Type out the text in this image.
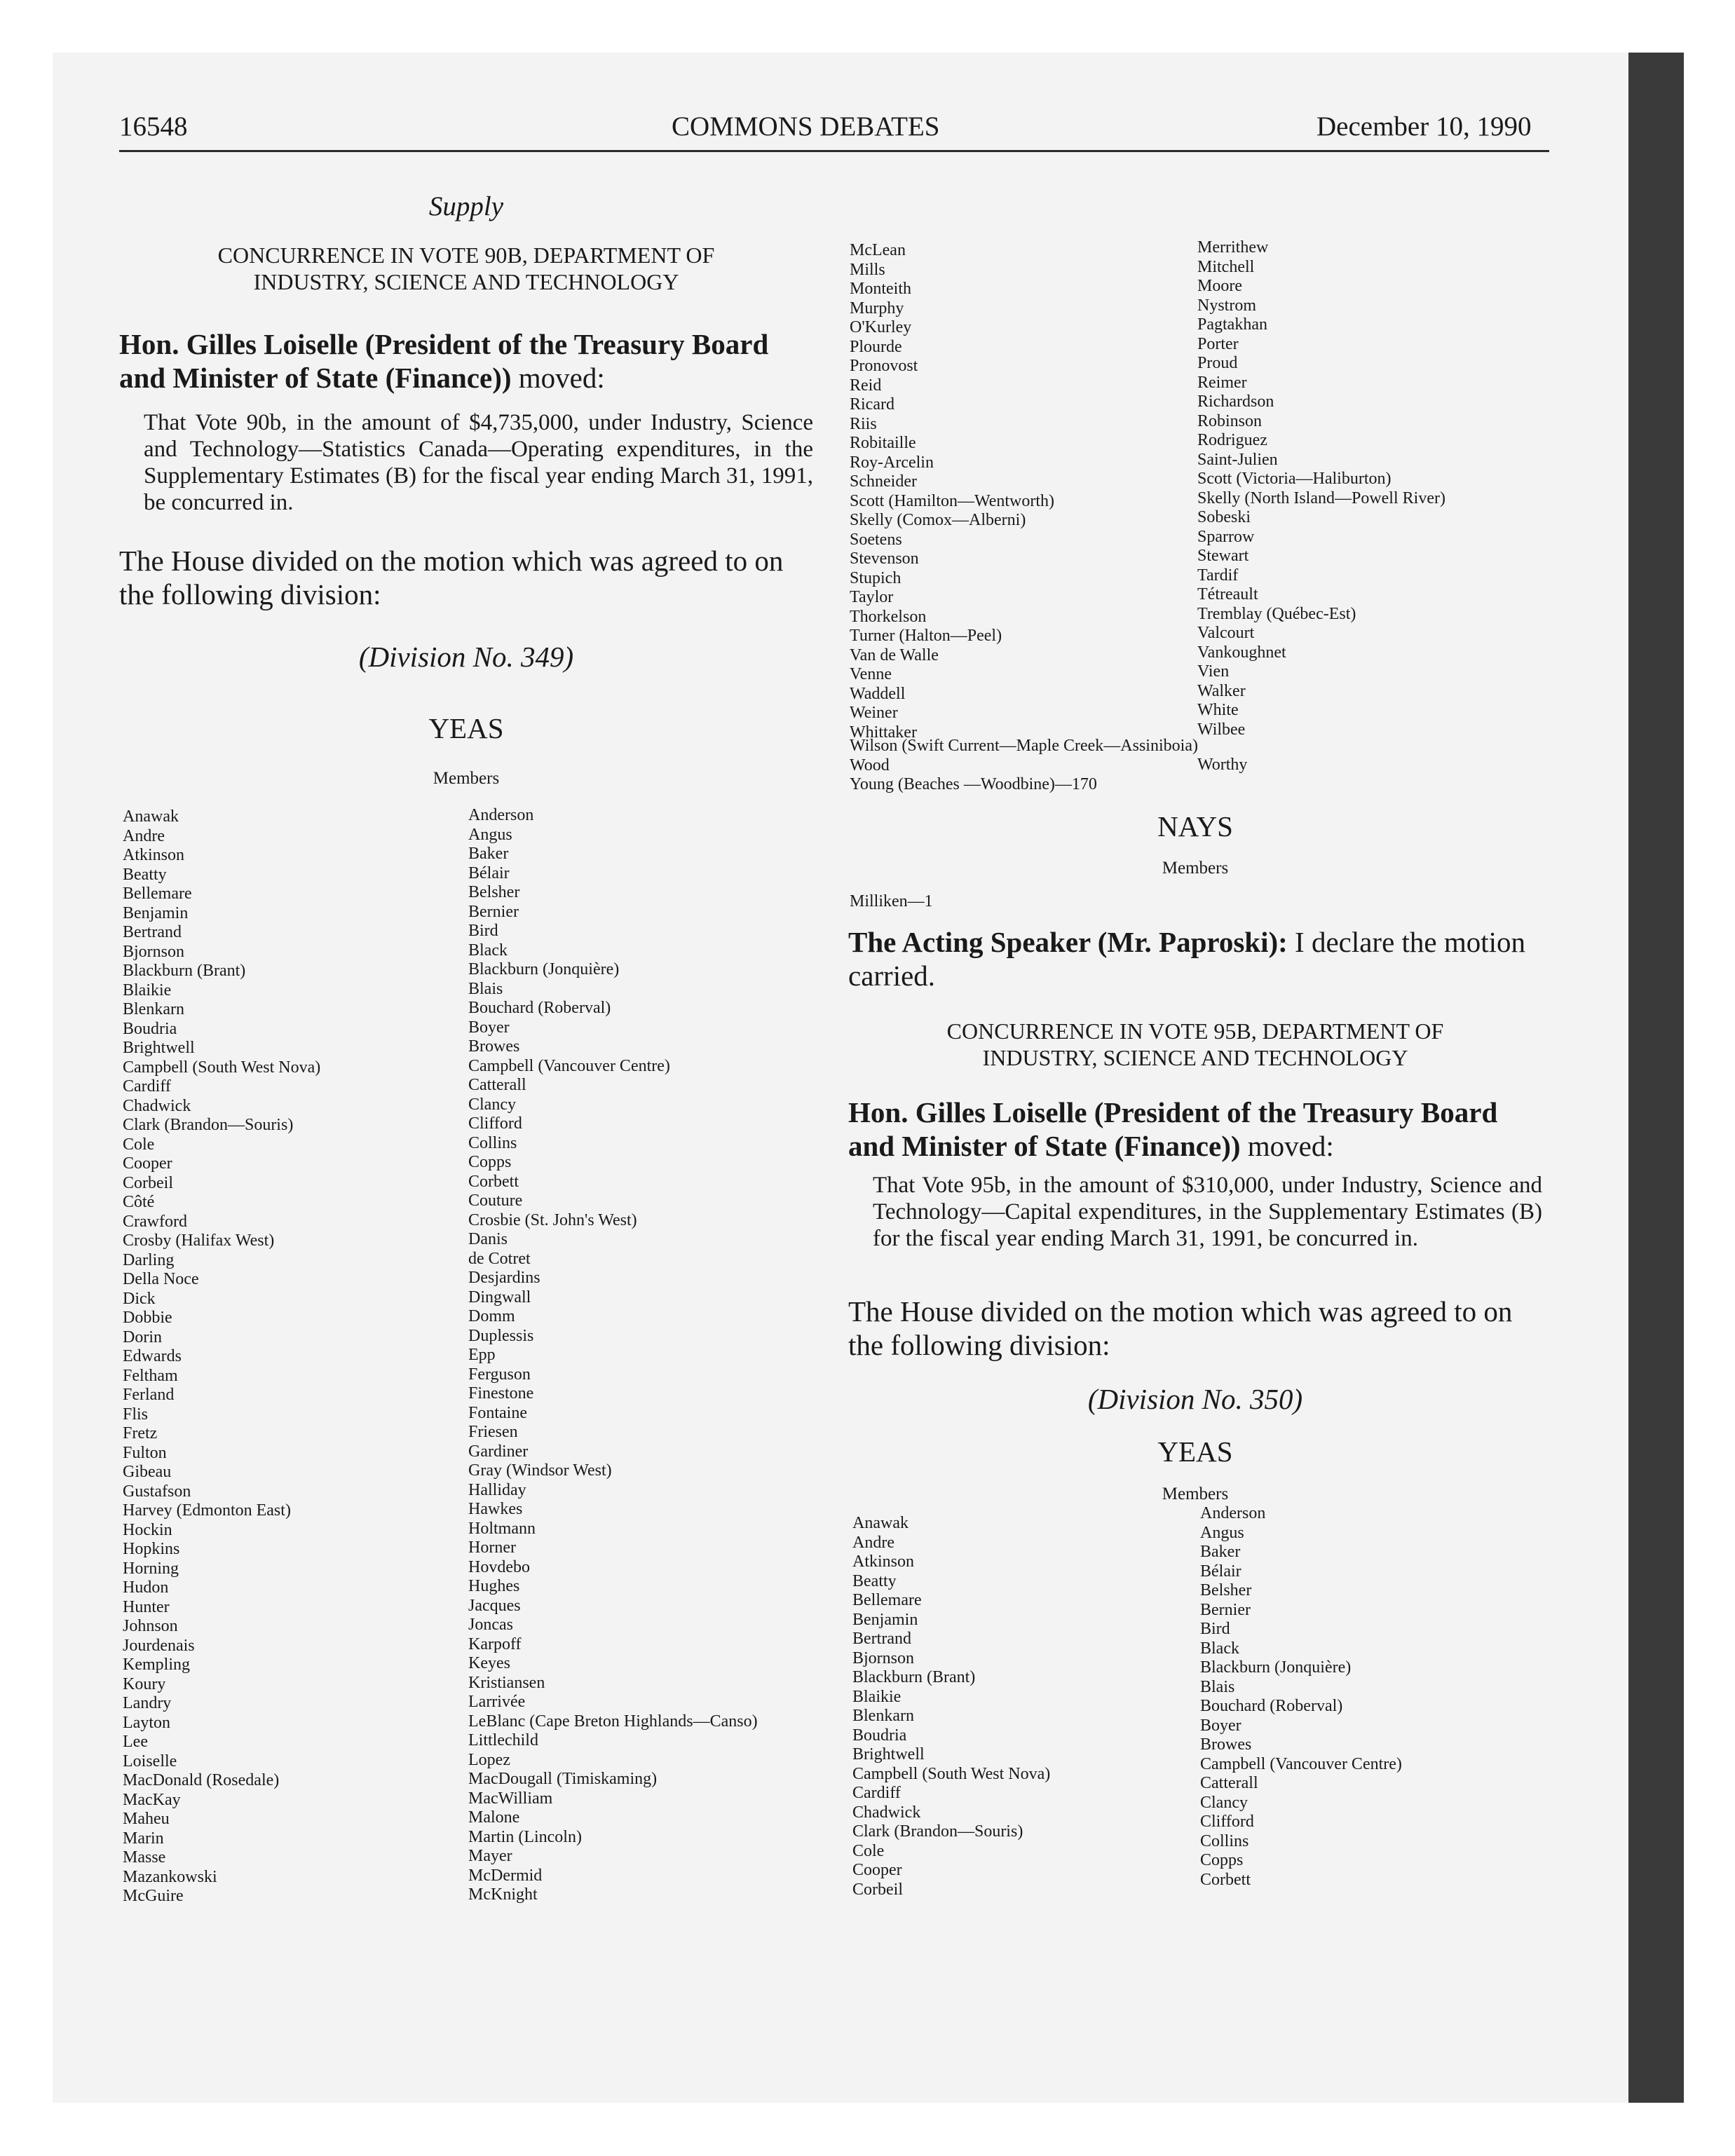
16548	COMMONS DEBATES	December 10, 1990
Supply
CONCURRENCE IN VOTE 90B, DEPARTMENT OF
INDUSTRY, SCIENCE AND TECHNOLOGY
Hon. Gilles Loiselle (President of the Treasury Board and Minister of State (Finance)) moved:
That Vote 90b, in the amount of $4,735,000, under Industry, Science and Technology—Statistics Canada—Operating expenditures, in the Supplementary Estimates (B) for the fiscal year ending March 31, 1991, be concurred in.
The House divided on the motion which was agreed to on the following division:
(Division No. 349)
YEAS
Members
Anawak
Andre
Atkinson
Beatty
Bellemare
Benjamin
Bertrand
Bjornson
Blackburn (Brant)
Blaikie
Blenkarn
Boudria
Brightwell
Campbell (South West Nova)
Cardiff
Chadwick
Clark (Brandon—Souris)
Cole
Cooper
Corbeil
Côté
Crawford
Crosby (Halifax West)
Darling
Della Noce
Dick
Dobbie
Dorin
Edwards
Feltham
Ferland
Flis
Fretz
Fulton
Gibeau
Gustafson
Harvey (Edmonton East)
Hockin
Hopkins
Horning
Hudon
Hunter
Johnson
Jourdenais
Kempling
Koury
Landry
Layton
Lee
Loiselle
MacDonald (Rosedale)
MacKay
Maheu
Marin
Masse
Mazankowski
McGuire
Anderson
Angus
Baker
Bélair
Belsher
Bernier
Bird
Black
Blackburn (Jonquière)
Blais
Bouchard (Roberval)
Boyer
Browes
Campbell (Vancouver Centre)
Catterall
Clancy
Clifford
Collins
Copps
Corbett
Couture
Crosbie (St. John's West)
Danis
de Cotret
Desjardins
Dingwall
Domm
Duplessis
Epp
Ferguson
Finestone
Fontaine
Friesen
Gardiner
Gray (Windsor West)
Halliday
Hawkes
Holtmann
Horner
Hovdebo
Hughes
Jacques
Joncas
Karpoff
Keyes
Kristiansen
Larrivée
LeBlanc (Cape Breton Highlands—Canso)
Littlechild
Lopez
MacDougall (Timiskaming)
MacWilliam
Malone
Martin (Lincoln)
Mayer
McDermid
McKnight
McLean
Mills
Monteith
Murphy
O'Kurley
Plourde
Pronovost
Reid
Ricard
Riis
Robitaille
Roy-Arcelin
Schneider
Scott (Hamilton—Wentworth)
Skelly (Comox—Alberni)
Soetens
Stevenson
Stupich
Taylor
Thorkelson
Turner (Halton—Peel)
Van de Walle
Venne
Waddell
Weiner
Whittaker
Merrithew
Mitchell
Moore
Nystrom
Pagtakhan
Porter
Proud
Reimer
Richardson
Robinson
Rodriguez
Saint-Julien
Scott (Victoria—Haliburton)
Skelly (North Island—Powell River)
Sobeski
Sparrow
Stewart
Tardif
Tétreault
Tremblay (Québec-Est)
Valcourt
Vankoughnet
Vien
Walker
White
Wilbee
Wilson (Swift Current—Maple Creek—Assiniboia)
Wood
Young (Beaches —Woodbine)—170
Worthy
NAYS
Members
Milliken—1
The Acting Speaker (Mr. Paproski): I declare the motion carried.
CONCURRENCE IN VOTE 95B, DEPARTMENT OF
INDUSTRY, SCIENCE AND TECHNOLOGY
Hon. Gilles Loiselle (President of the Treasury Board and Minister of State (Finance)) moved:
That Vote 95b, in the amount of $310,000, under Industry, Science and Technology—Capital expenditures, in the Supplementary Estimates (B) for the fiscal year ending March 31, 1991, be concurred in.
The House divided on the motion which was agreed to on the following division:
(Division No. 350)
YEAS
Members
Anawak
Andre
Atkinson
Beatty
Bellemare
Benjamin
Bertrand
Bjornson
Blackburn (Brant)
Blaikie
Blenkarn
Boudria
Brightwell
Campbell (South West Nova)
Cardiff
Chadwick
Clark (Brandon—Souris)
Cole
Cooper
Corbeil
Anderson
Angus
Baker
Bélair
Belsher
Bernier
Bird
Black
Blackburn (Jonquière)
Blais
Bouchard (Roberval)
Boyer
Browes
Campbell (Vancouver Centre)
Catterall
Clancy
Clifford
Collins
Copps
Corbett
